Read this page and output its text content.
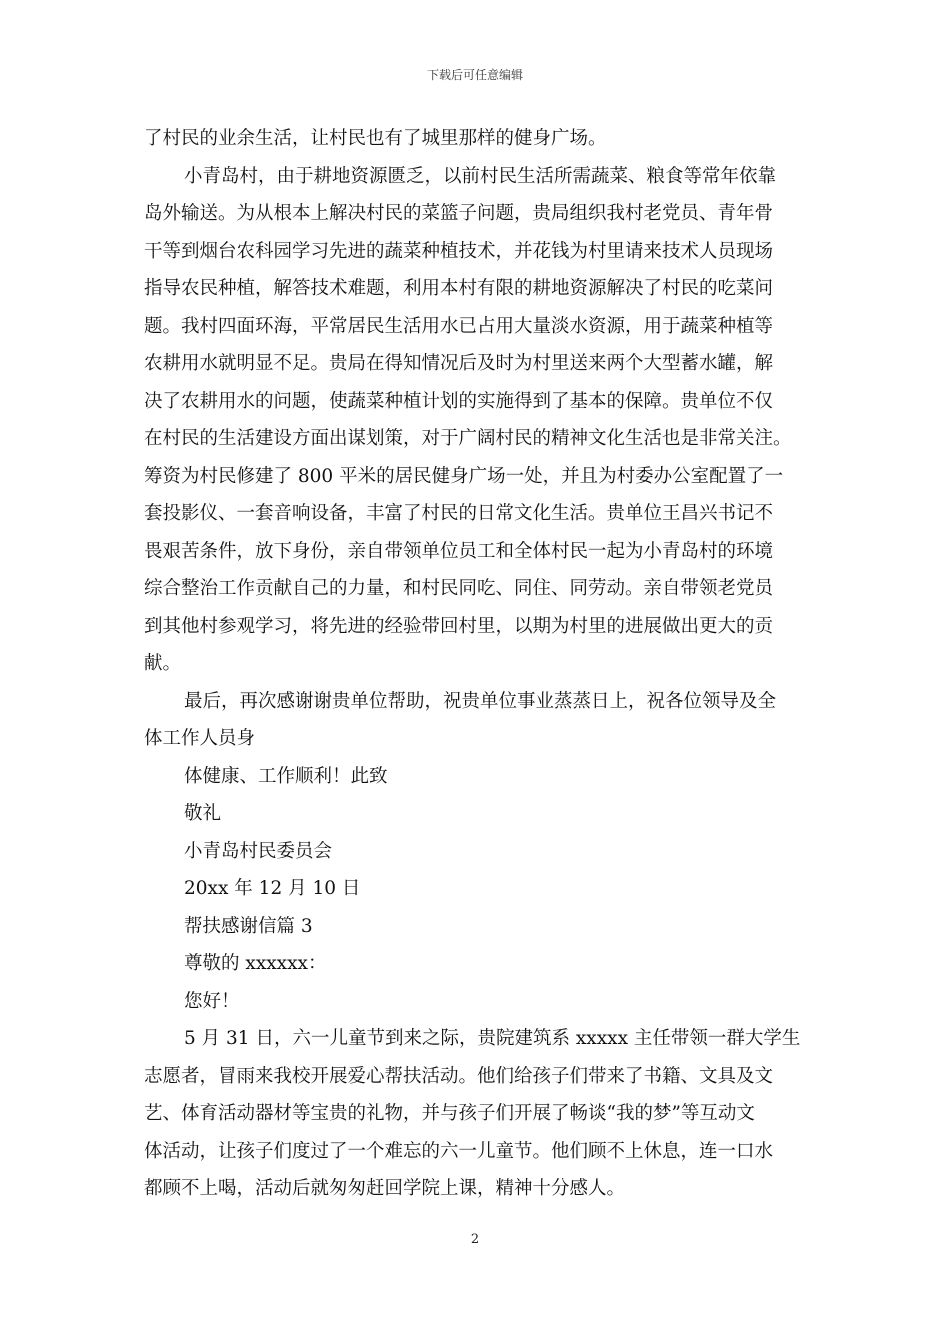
下载后可任意编辑
了村民的业余生活，让村民也有了城里那样的健身广场。
小青岛村，由于耕地资源匮乏，以前村民生活所需蔬菜、粮食等常年依靠
岛外输送。为从根本上解决村民的菜篮子问题，贵局组织我村老党员、青年骨
干等到烟台农科园学习先进的蔬菜种植技术，并花钱为村里请来技术人员现场
指导农民种植，解答技术难题，利用本村有限的耕地资源解决了村民的吃菜问
题。我村四面环海，平常居民生活用水已占用大量淡水资源，用于蔬菜种植等
农耕用水就明显不足。贵局在得知情况后及时为村里送来两个大型蓄水罐，解
决了农耕用水的问题，使蔬菜种植计划的实施得到了基本的保障。贵单位不仅
在村民的生活建设方面出谋划策，对于广阔村民的精神文化生活也是非常关注。
筹资为村民修建了 800 平米的居民健身广场一处，并且为村委办公室配置了一
套投影仪、一套音响设备，丰富了村民的日常文化生活。贵单位王昌兴书记不
畏艰苦条件，放下身份，亲自带领单位员工和全体村民一起为小青岛村的环境
综合整治工作贡献自己的力量，和村民同吃、同住、同劳动。亲自带领老党员
到其他村参观学习，将先进的经验带回村里，以期为村里的进展做出更大的贡
献。
最后，再次感谢谢贵单位帮助，祝贵单位事业蒸蒸日上，祝各位领导及全
体工作人员身
体健康、工作顺利！此致
敬礼
小青岛村民委员会
20xx 年 12 月 10 日
帮扶感谢信篇 3
尊敬的 xxxxxx：
您好！
5 月 31 日，六一儿童节到来之际，贵院建筑系 xxxxx 主任带领一群大学生
志愿者，冒雨来我校开展爱心帮扶活动。他们给孩子们带来了书籍、文具及文
艺、体育活动器材等宝贵的礼物，并与孩子们开展了畅谈“我的梦”等互动文
体活动，让孩子们度过了一个难忘的六一儿童节。他们顾不上休息，连一口水
都顾不上喝，活动后就匆匆赶回学院上课，精神十分感人。
2
